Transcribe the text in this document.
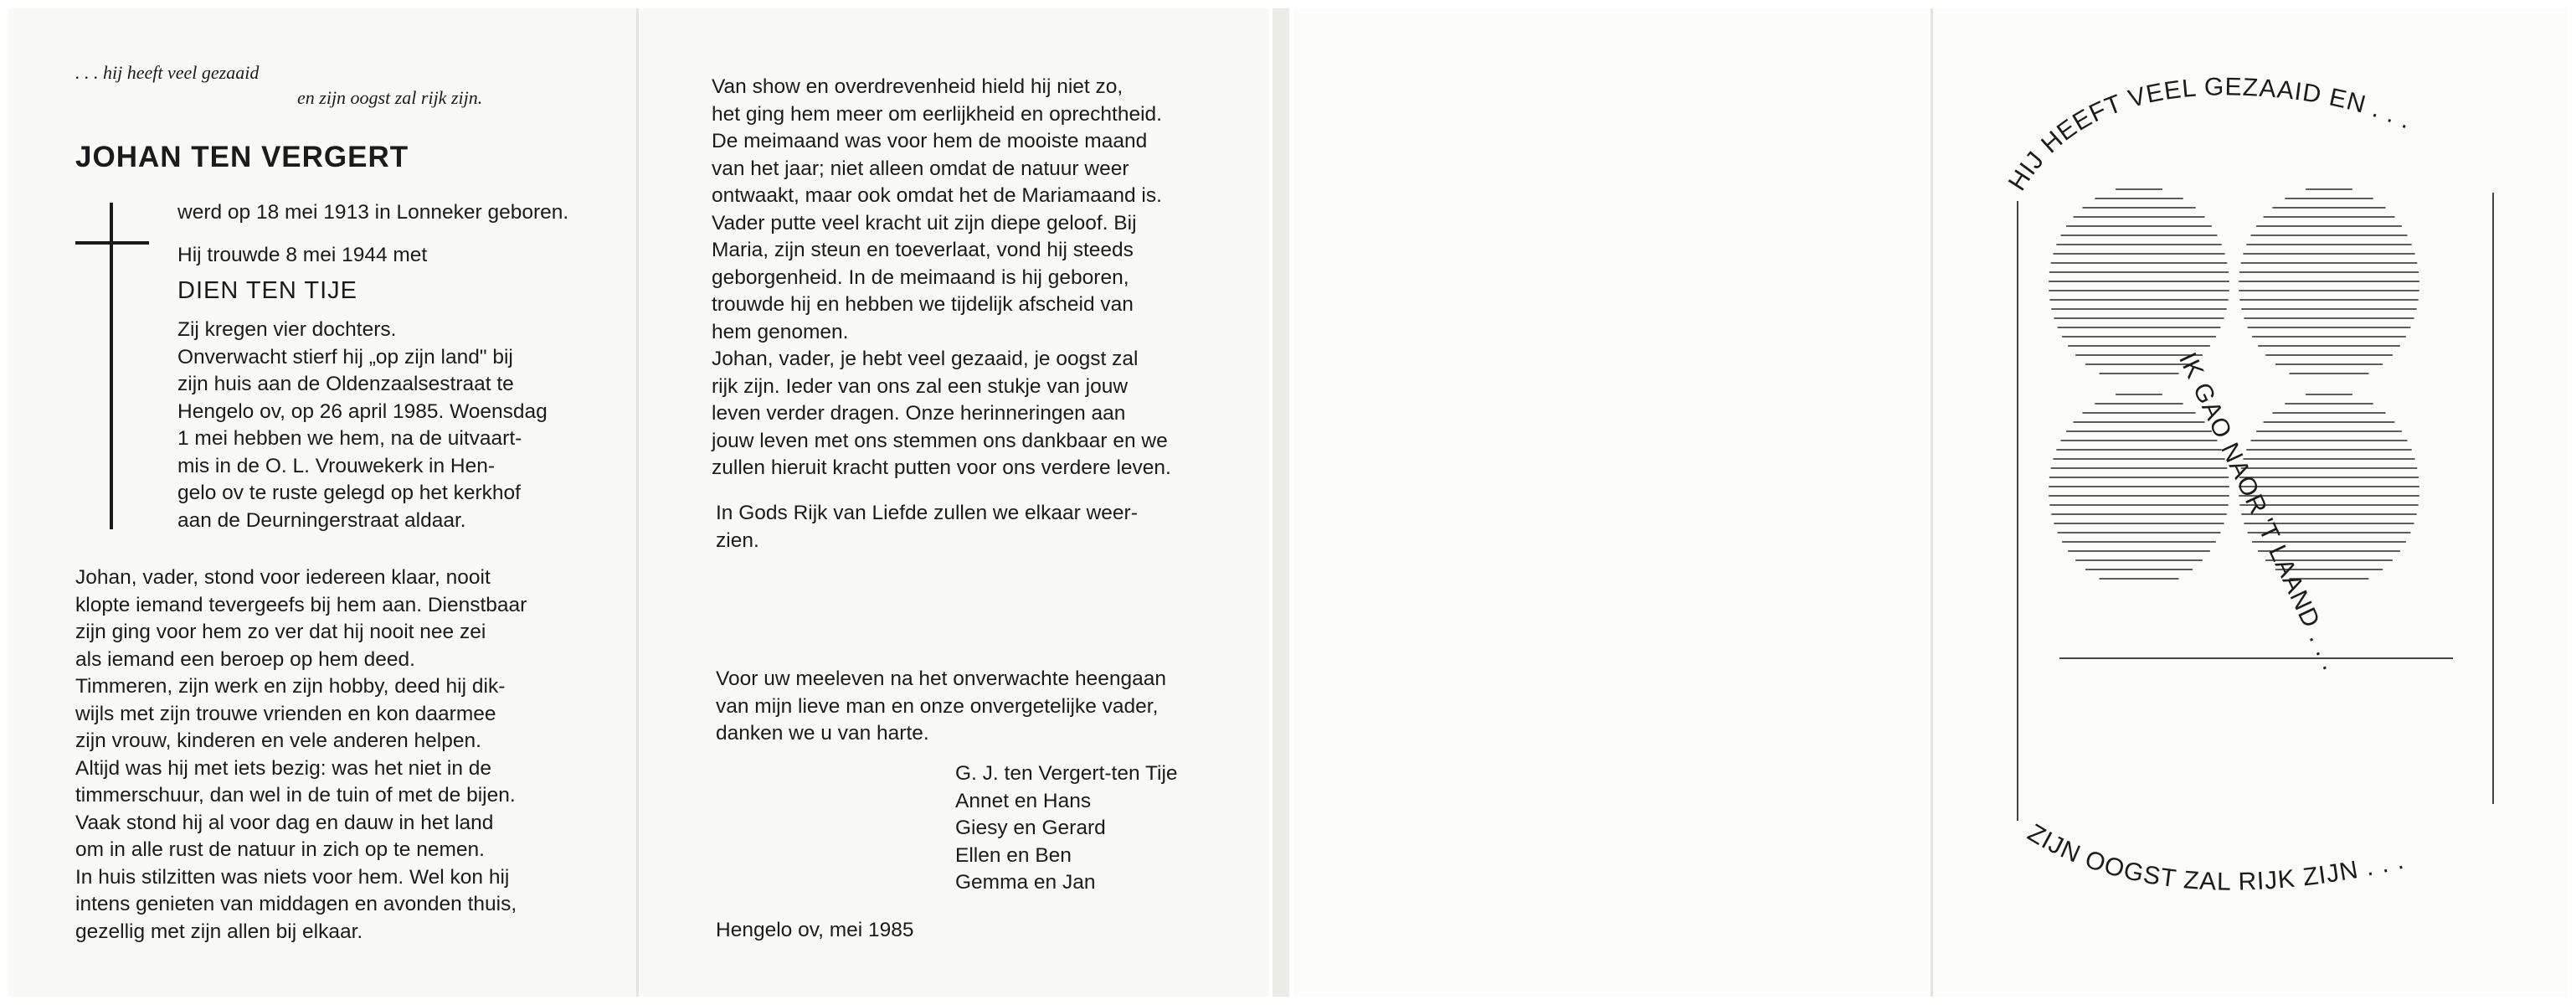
. . . hij heeft veel gezaaid
en zijn oogst zal rijk zijn.
JOHAN TEN VERGERT
werd op 18 mei 1913 in Lonneker geboren.
Hij trouwde 8 mei 1944 met
DIEN TEN TIJE
Zij kregen vier dochters.
Onverwacht stierf hij „op zijn land" bij
zijn huis aan de Oldenzaalsestraat te
Hengelo ov, op 26 april 1985. Woensdag
1 mei hebben we hem, na de uitvaart-
mis in de O. L. Vrouwekerk in Hen-
gelo ov te ruste gelegd op het kerkhof
aan de Deurningerstraat aldaar.
Johan, vader, stond voor iedereen klaar, nooit
klopte iemand tevergeefs bij hem aan. Dienstbaar
zijn ging voor hem zo ver dat hij nooit nee zei
als iemand een beroep op hem deed.
Timmeren, zijn werk en zijn hobby, deed hij dik-
wijls met zijn trouwe vrienden en kon daarmee
zijn vrouw, kinderen en vele anderen helpen.
Altijd was hij met iets bezig: was het niet in de
timmerschuur, dan wel in de tuin of met de bijen.
Vaak stond hij al voor dag en dauw in het land
om in alle rust de natuur in zich op te nemen.
In huis stilzitten was niets voor hem. Wel kon hij
intens genieten van middagen en avonden thuis,
gezellig met zijn allen bij elkaar.
Van show en overdrevenheid hield hij niet zo,
het ging hem meer om eerlijkheid en oprechtheid.
De meimaand was voor hem de mooiste maand
van het jaar; niet alleen omdat de natuur weer
ontwaakt, maar ook omdat het de Mariamaand is.
Vader putte veel kracht uit zijn diepe geloof. Bij
Maria, zijn steun en toeverlaat, vond hij steeds
geborgenheid. In de meimaand is hij geboren,
trouwde hij en hebben we tijdelijk afscheid van
hem genomen.
Johan, vader, je hebt veel gezaaid, je oogst zal
rijk zijn. Ieder van ons zal een stukje van jouw
leven verder dragen. Onze herinneringen aan
jouw leven met ons stemmen ons dankbaar en we
zullen hieruit kracht putten voor ons verdere leven.
In Gods Rijk van Liefde zullen we elkaar weer-
zien.
Voor uw meeleven na het onverwachte heengaan
van mijn lieve man en onze onvergetelijke vader,
danken we u van harte.
G. J. ten Vergert-ten Tije
Annet en Hans
Giesy en Gerard
Ellen en Ben
Gemma en Jan
Hengelo ov, mei 1985
HIJ HEEFT VEEL GEZAAID EN . . .
IK GAO NAOR 'T LAAND . . .
ZIJN OOGST ZAL RIJK ZIJN . . .
